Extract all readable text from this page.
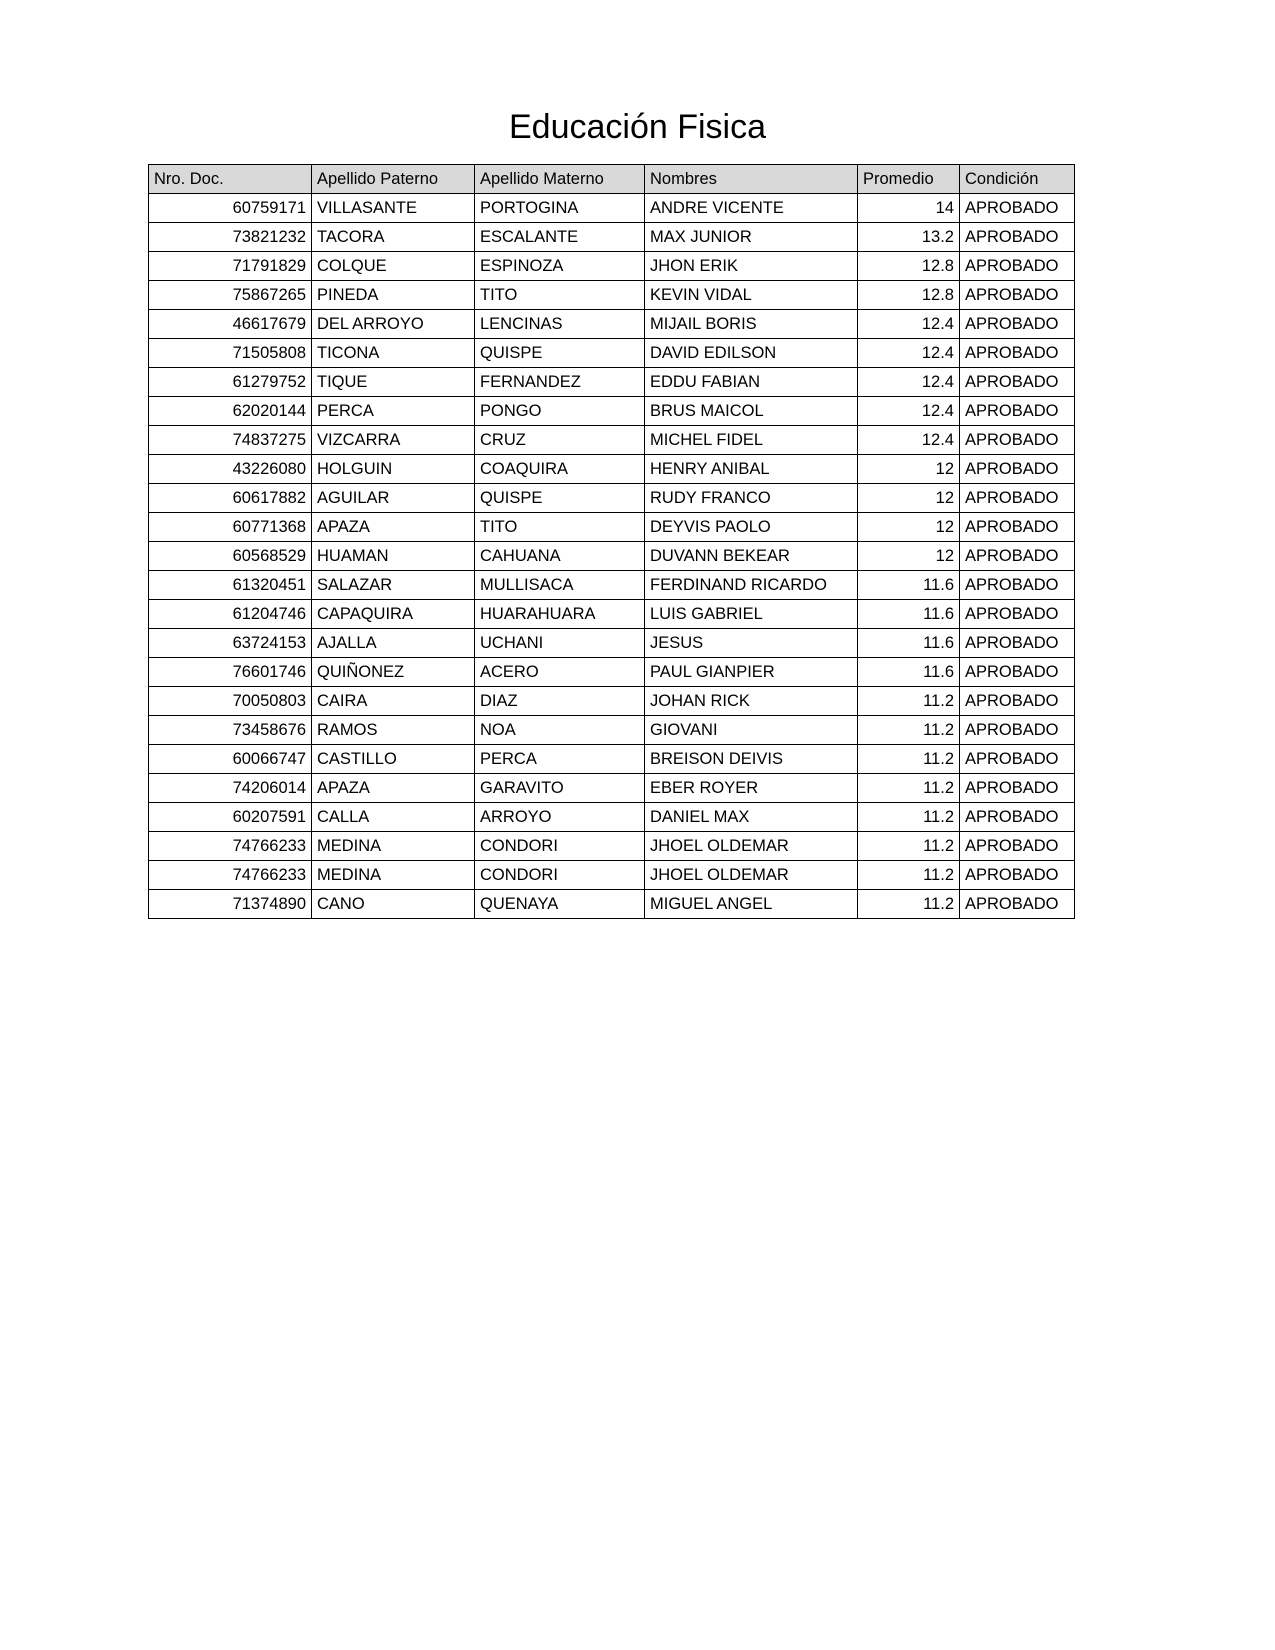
Educación Fisica
Nro. Doc.	Apellido Paterno	Apellido Materno	Nombres	Promedio	Condición
60759171	VILLASANTE	PORTOGINA	ANDRE VICENTE	14	APROBADO
73821232	TACORA	ESCALANTE	MAX JUNIOR	13.2	APROBADO
71791829	COLQUE	ESPINOZA	JHON ERIK	12.8	APROBADO
75867265	PINEDA	TITO	KEVIN VIDAL	12.8	APROBADO
46617679	DEL ARROYO	LENCINAS	MIJAIL BORIS	12.4	APROBADO
71505808	TICONA	QUISPE	DAVID EDILSON	12.4	APROBADO
61279752	TIQUE	FERNANDEZ	EDDU FABIAN	12.4	APROBADO
62020144	PERCA	PONGO	BRUS MAICOL	12.4	APROBADO
74837275	VIZCARRA	CRUZ	MICHEL FIDEL	12.4	APROBADO
43226080	HOLGUIN	COAQUIRA	HENRY ANIBAL	12	APROBADO
60617882	AGUILAR	QUISPE	RUDY FRANCO	12	APROBADO
60771368	APAZA	TITO	DEYVIS PAOLO	12	APROBADO
60568529	HUAMAN	CAHUANA	DUVANN BEKEAR	12	APROBADO
61320451	SALAZAR	MULLISACA	FERDINAND RICARDO	11.6	APROBADO
61204746	CAPAQUIRA	HUARAHUARA	LUIS GABRIEL	11.6	APROBADO
63724153	AJALLA	UCHANI	JESUS	11.6	APROBADO
76601746	QUIÑONEZ	ACERO	PAUL GIANPIER	11.6	APROBADO
70050803	CAIRA	DIAZ	JOHAN RICK	11.2	APROBADO
73458676	RAMOS	NOA	GIOVANI	11.2	APROBADO
60066747	CASTILLO	PERCA	BREISON DEIVIS	11.2	APROBADO
74206014	APAZA	GARAVITO	EBER ROYER	11.2	APROBADO
60207591	CALLA	ARROYO	DANIEL MAX	11.2	APROBADO
74766233	MEDINA	CONDORI	JHOEL OLDEMAR	11.2	APROBADO
74766233	MEDINA	CONDORI	JHOEL OLDEMAR	11.2	APROBADO
71374890	CANO	QUENAYA	MIGUEL ANGEL	11.2	APROBADO
